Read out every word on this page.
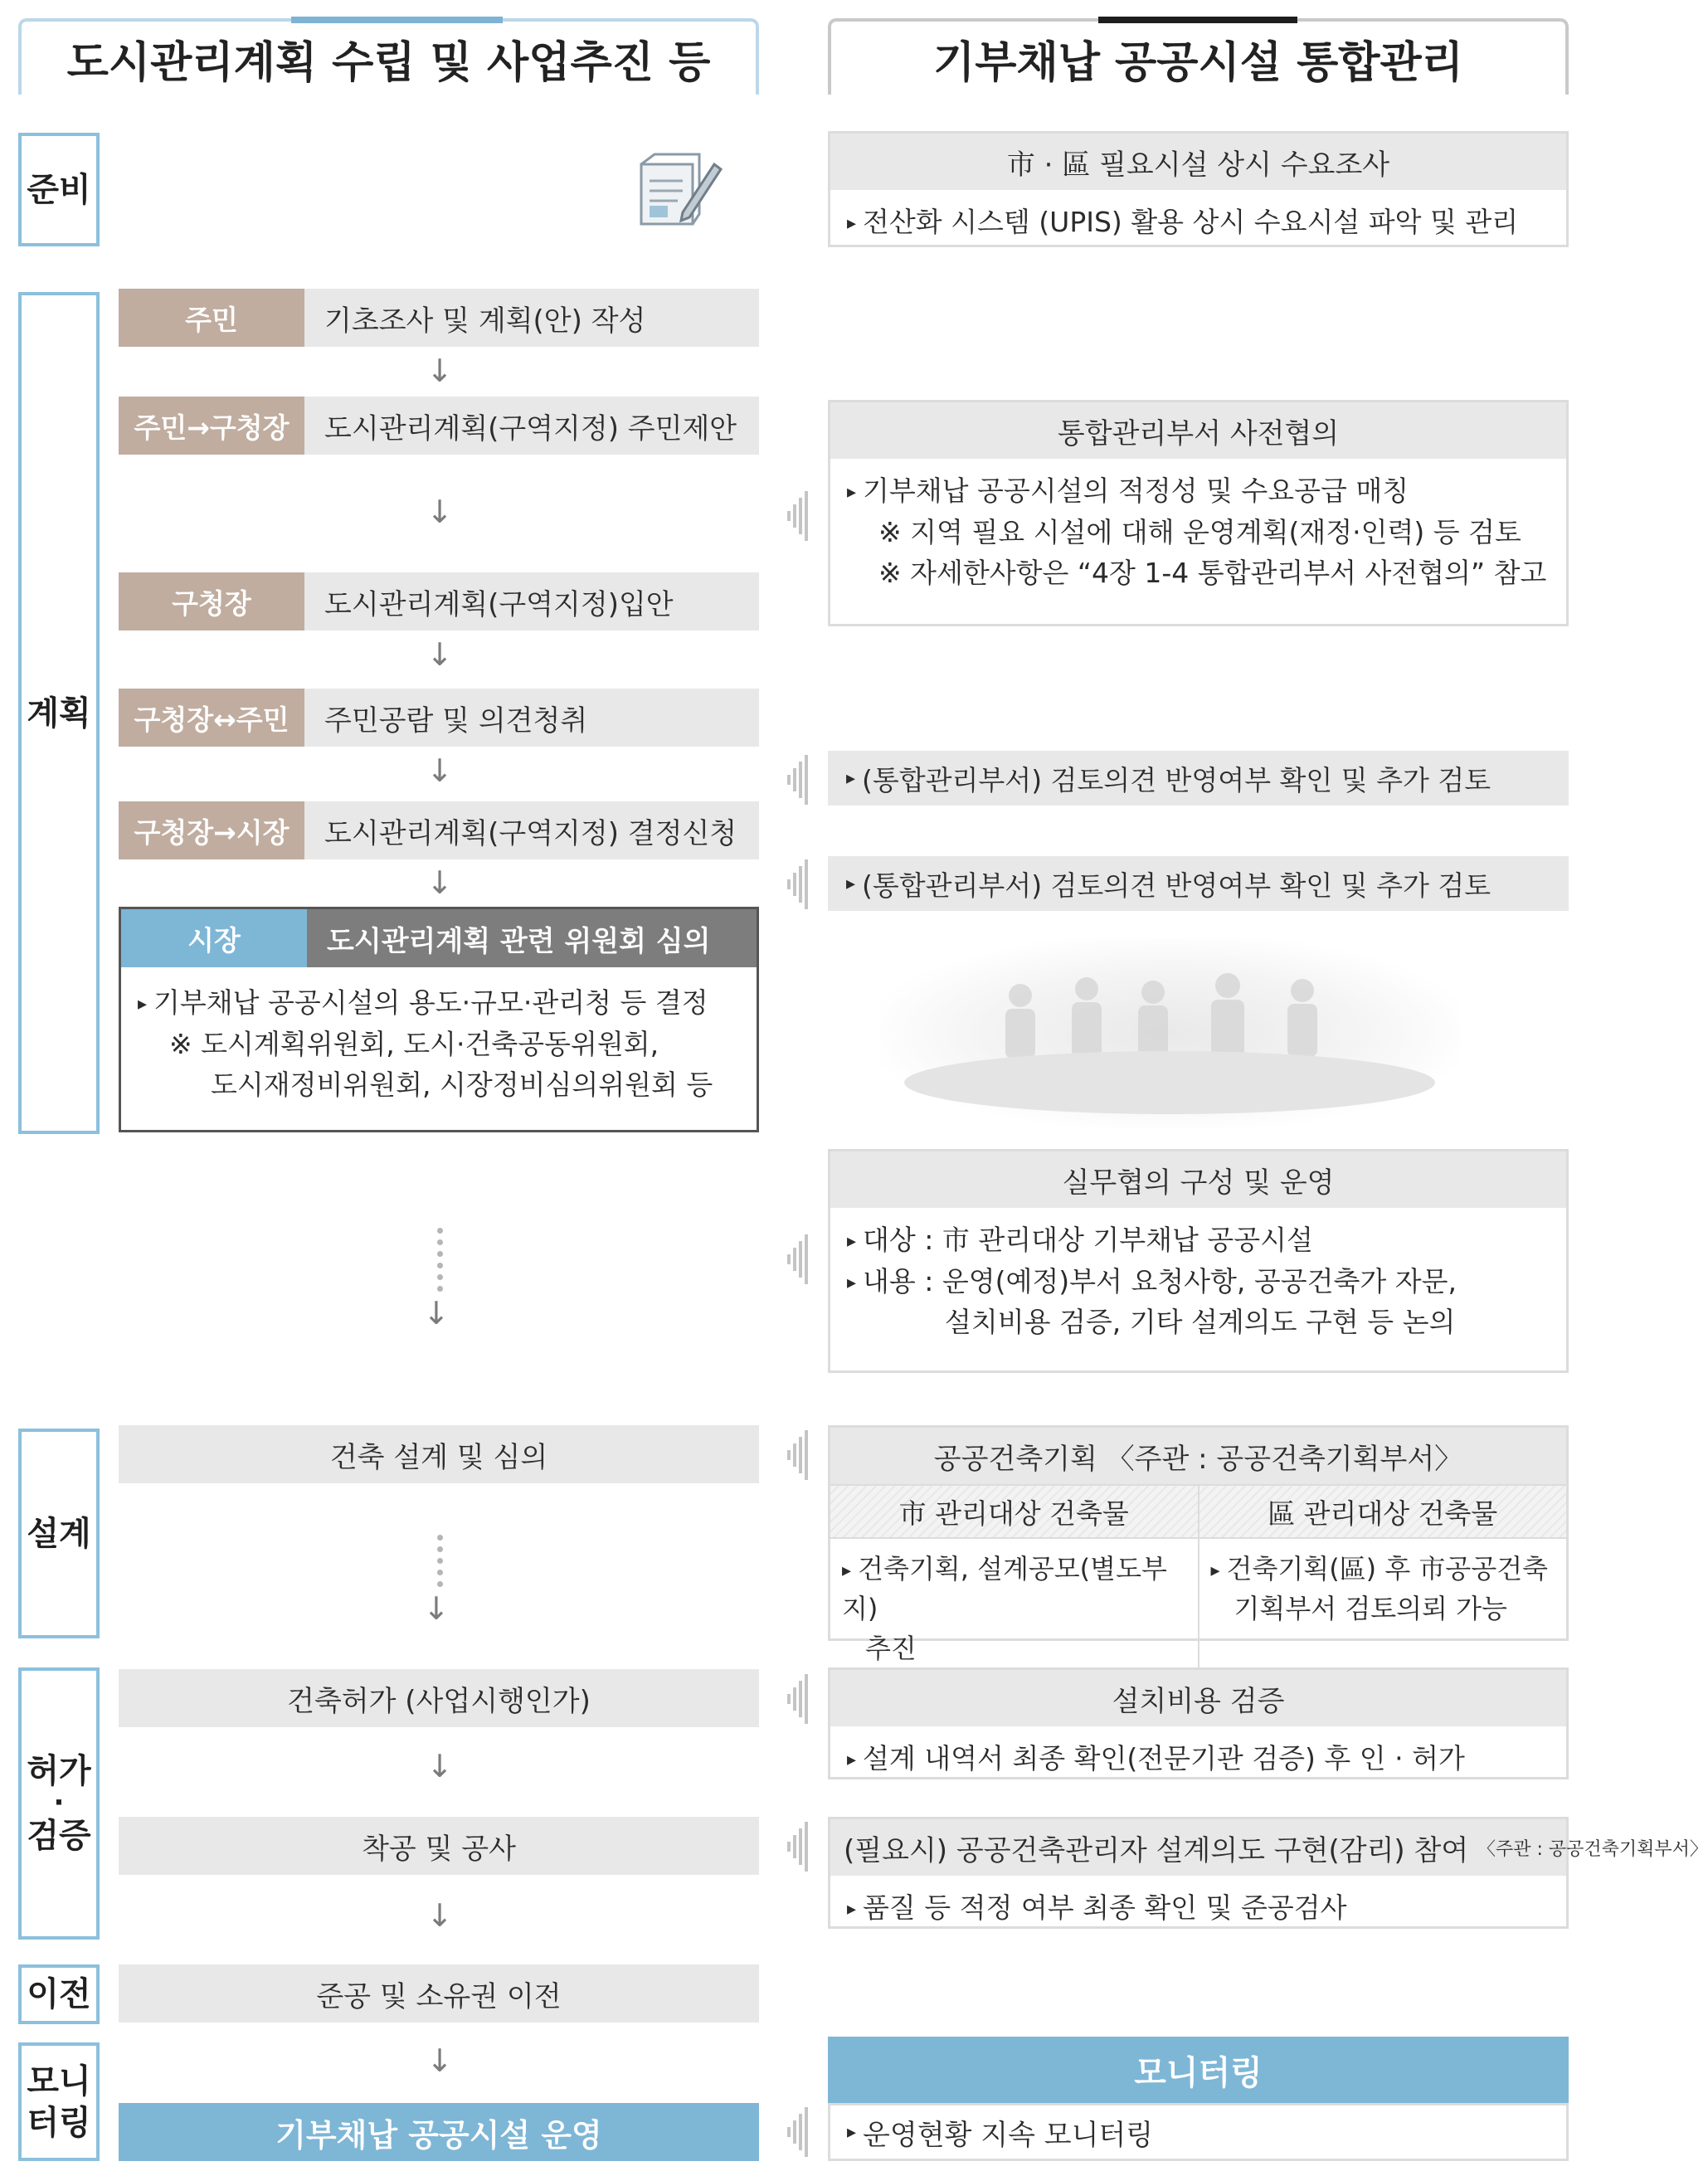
도시관리계획 수립 및 사업추진 등	기부채납 공공시설 통합관리
준비
계획
설계
허가
·
검증
이전
모니
터링
주민	기초조사 및 계획(안) 작성
↓
주민→구청장	도시관리계획(구역지정) 주민제안
↓
구청장	도시관리계획(구역지정)입안
↓
구청장↔주민	주민공람 및 의견청취
↓
구청장→시장	도시관리계획(구역지정) 결정신청
↓
시장	도시관리계획 관련 위원회 심의
▸ 기부채납 공공시설의 용도·규모·관리청 등 결정
※ 도시계획위원회, 도시·건축공동위원회,
도시재정비위원회, 시장정비심의위원회 등
↓
건축 설계 및 심의
↓
건축허가 (사업시행인가)
↓
착공 및 공사
↓
준공 및 소유권 이전
↓
기부채납 공공시설 운영
市 · 區 필요시설 상시 수요조사
▸ 전산화 시스템 (UPIS) 활용 상시 수요시설 파악 및 관리
통합관리부서 사전협의
▸ 기부채납 공공시설의 적정성 및 수요공급 매칭
※ 지역 필요 시설에 대해 운영계획(재정·인력) 등 검토
※ 자세한사항은 “4장 1-4 통합관리부서 사전협의” 참고
▸ (통합관리부서) 검토의견 반영여부 확인 및 추가 검토
▸ (통합관리부서) 검토의견 반영여부 확인 및 추가 검토
실무협의 구성 및 운영
▸ 대상 : 市 관리대상 기부채납 공공시설
▸ 내용 : 운영(예정)부서 요청사항, 공공건축가 자문,
설치비용 검증, 기타 설계의도 구현 등 논의
공공건축기획 〈주관 : 공공건축기획부서〉
市 관리대상 건축물	區 관리대상 건축물
▸ 건축기획, 설계공모(별도부지)
추진
▸ 건축기획(區) 후 市공공건축
기획부서 검토의뢰 가능
설치비용 검증
▸ 설계 내역서 최종 확인(전문기관 검증) 후 인 · 허가
(필요시) 공공건축관리자 설계의도 구현(감리) 참여
〈주관 : 공공건축기획부서〉
▸ 품질 등 적정 여부 최종 확인 및 준공검사
모니터링
▸ 운영현황 지속 모니터링
